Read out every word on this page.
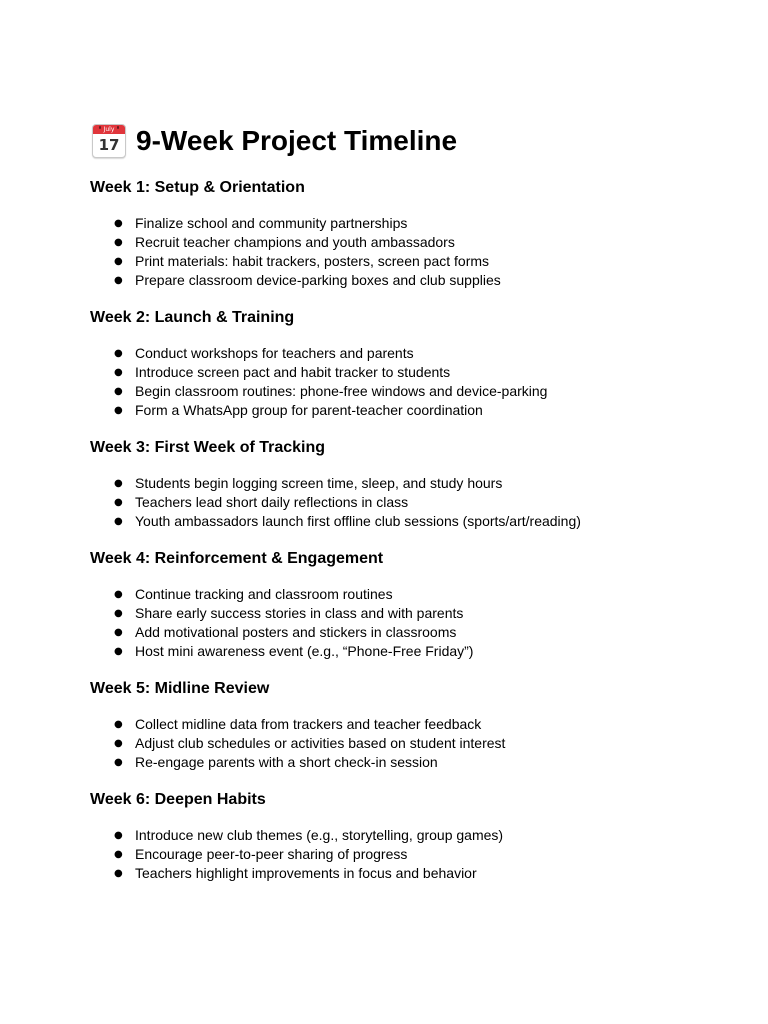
July
17 9-Week Project Timeline
Week 1: Setup & Orientation
● Finalize school and community partnerships
● Recruit teacher champions and youth ambassadors
● Print materials: habit trackers, posters, screen pact forms
● Prepare classroom device-parking boxes and club supplies
Week 2: Launch & Training
● Conduct workshops for teachers and parents
● Introduce screen pact and habit tracker to students
● Begin classroom routines: phone-free windows and device-parking
● Form a WhatsApp group for parent-teacher coordination
Week 3: First Week of Tracking
● Students begin logging screen time, sleep, and study hours
● Teachers lead short daily reflections in class
● Youth ambassadors launch first offline club sessions (sports/art/reading)
Week 4: Reinforcement & Engagement
● Continue tracking and classroom routines
● Share early success stories in class and with parents
● Add motivational posters and stickers in classrooms
● Host mini awareness event (e.g., “Phone-Free Friday”)
Week 5: Midline Review
● Collect midline data from trackers and teacher feedback
● Adjust club schedules or activities based on student interest
● Re-engage parents with a short check-in session
Week 6: Deepen Habits
● Introduce new club themes (e.g., storytelling, group games)
● Encourage peer-to-peer sharing of progress
● Teachers highlight improvements in focus and behavior
